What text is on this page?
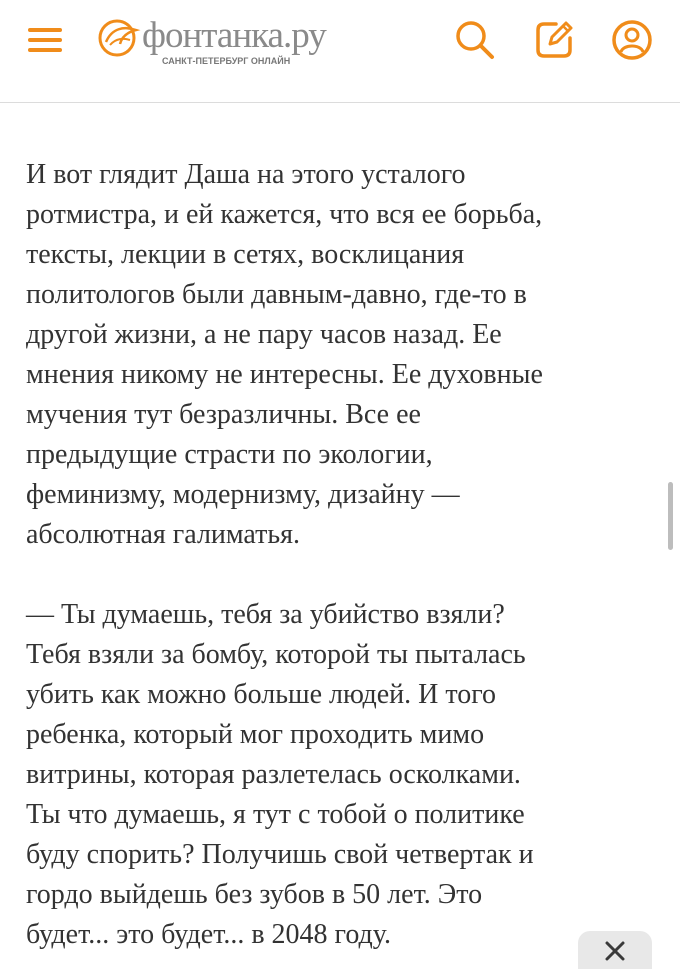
фонтанка.ру
САНКТ-ПЕТЕРБУРГ ОНЛАЙН

И вот глядит Даша на этого усталого
ротмистра, и ей кажется, что вся ее борьба,
тексты, лекции в сетях, восклицания
политологов были давным-давно, где-то в
другой жизни, а не пару часов назад. Ее
мнения никому не интересны. Ее духовные
мучения тут безразличны. Все ее
предыдущие страсти по экологии,
феминизму, модернизму, дизайну —
абсолютная галиматья.

— Ты думаешь, тебя за убийство взяли?
Тебя взяли за бомбу, которой ты пыталась
убить как можно больше людей. И того
ребенка, который мог проходить мимо
витрины, которая разлетелась осколками.
Ты что думаешь, я тут с тобой о политике
буду спорить? Получишь свой четвертак и
гордо выйдешь без зубов в 50 лет. Это
будет... это будет... в 2048 году.
